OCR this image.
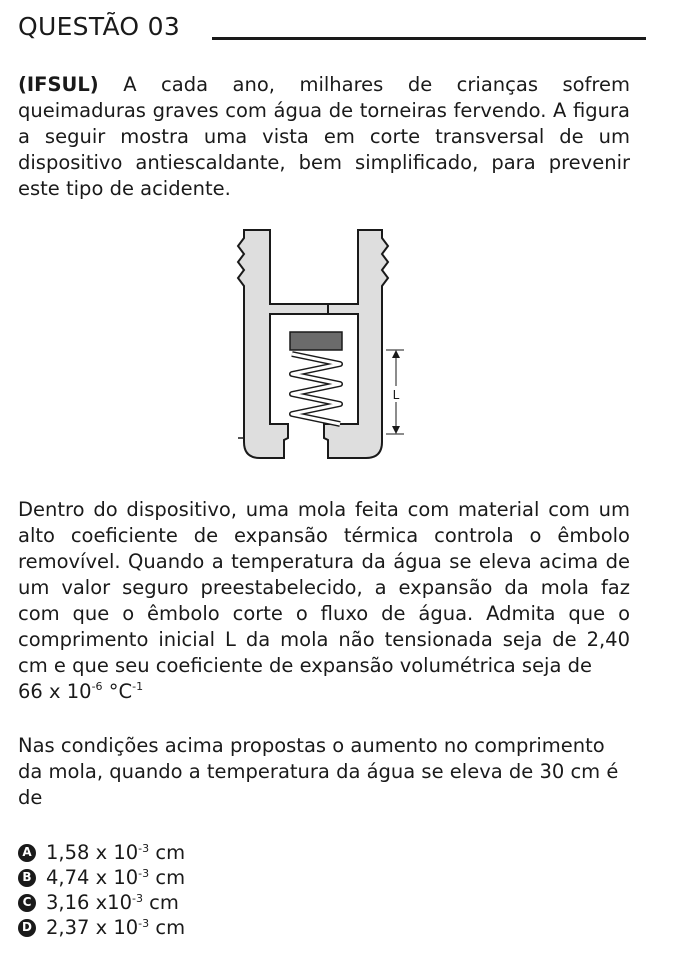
QUESTÃO 03

(IFSUL) A cada ano, milhares de crianças sofrem queimaduras graves com água de torneiras fervendo. A figura a seguir mostra uma vista em corte transversal de um dispositivo antiescaldante, bem simplificado, para prevenir este tipo de acidente.

L

Dentro do dispositivo, uma mola feita com material com um alto coeficiente de expansão térmica controla o êmbolo removível. Quando a temperatura da água se eleva acima de um valor seguro preestabelecido, a expansão da mola faz com que o êmbolo corte o fluxo de água. Admita que o comprimento inicial L da mola não tensionada seja de 2,40 cm e que seu coeficiente de expansão volumétrica seja de
66 x $10^{-6}$ $^\circ C^{-1}$

Nas condições acima propostas o aumento no comprimento da mola, quando a temperatura da água se eleva de 30 cm é de

A 1,58 x $10^{-3}$ cm
B 4,74 x $10^{-3}$ cm
C 3,16 $x10^{-3}$ cm
D 2,37 x $10^{-3}$ cm
